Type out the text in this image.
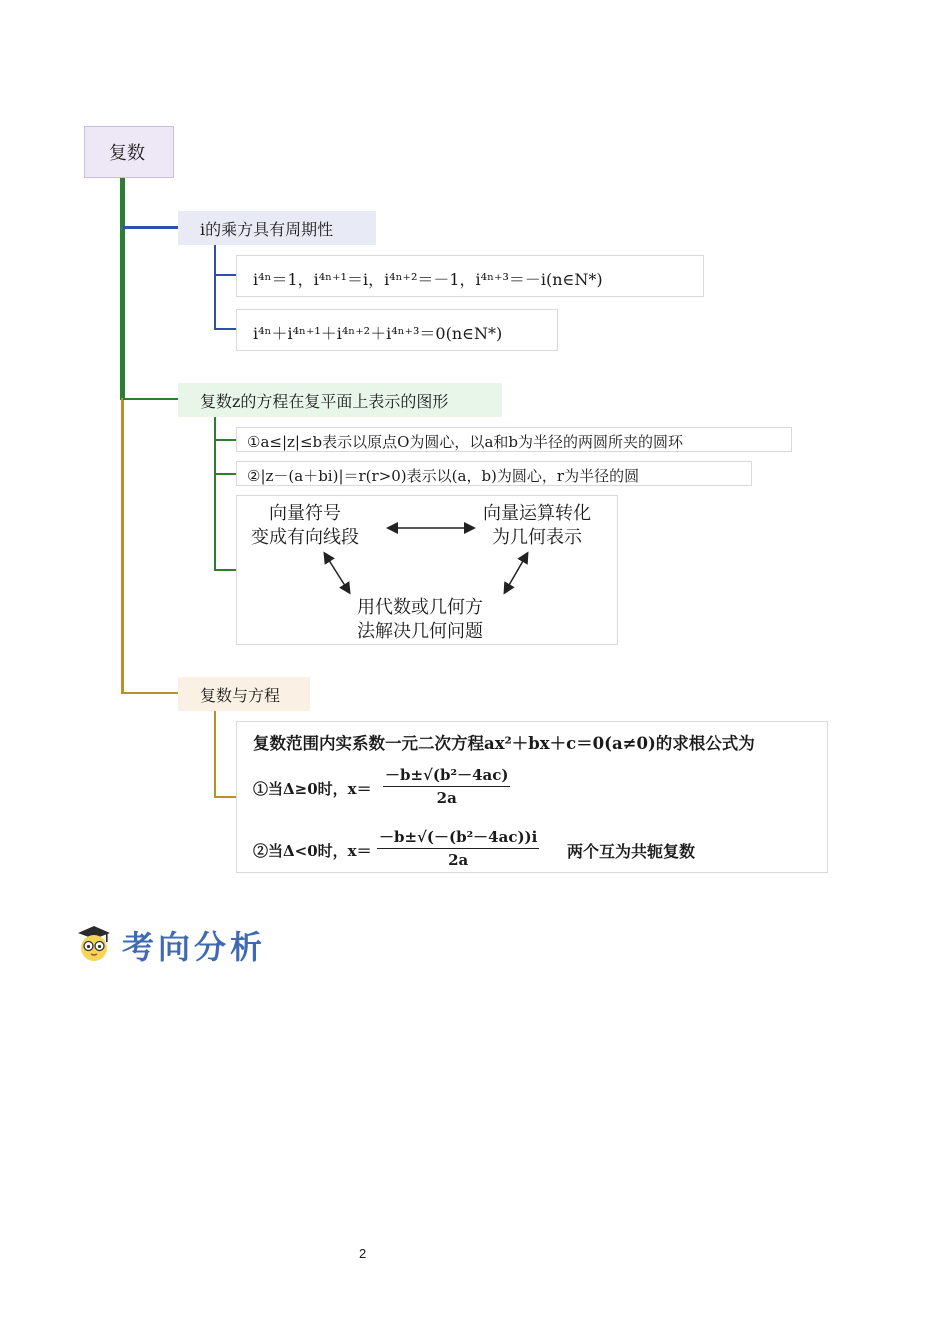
复数
i的乘方具有周期性
复数z的方程在复平面上表示的图形
复数与方程
i⁴ⁿ＝1，i⁴ⁿ⁺¹＝i，i⁴ⁿ⁺²＝－1，i⁴ⁿ⁺³＝－i(n∈N*)
i⁴ⁿ＋i⁴ⁿ⁺¹＋i⁴ⁿ⁺²＋i⁴ⁿ⁺³＝0(n∈N*)
①a≤|z|≤b表示以原点O为圆心，以a和b为半径的两圆所夹的圆环
②|z－(a＋bi)|＝r(r>0)表示以(a，b)为圆心，r为半径的圆
向量符号
变成有向线段
向量运算转化
为几何表示
用代数或几何方
法解决几何问题
复数范围内实系数一元二次方程ax²＋bx＋c＝0(a≠0)的求根公式为
①当Δ≥0时，$x= \frac{\text{－b±√(b²－4ac)}}{2a}$
②当Δ<0时，$x= \frac{\text{－b±√(－(b²－4ac))i}}{2a}$ 两个互为共轭复数
考向分析
2
